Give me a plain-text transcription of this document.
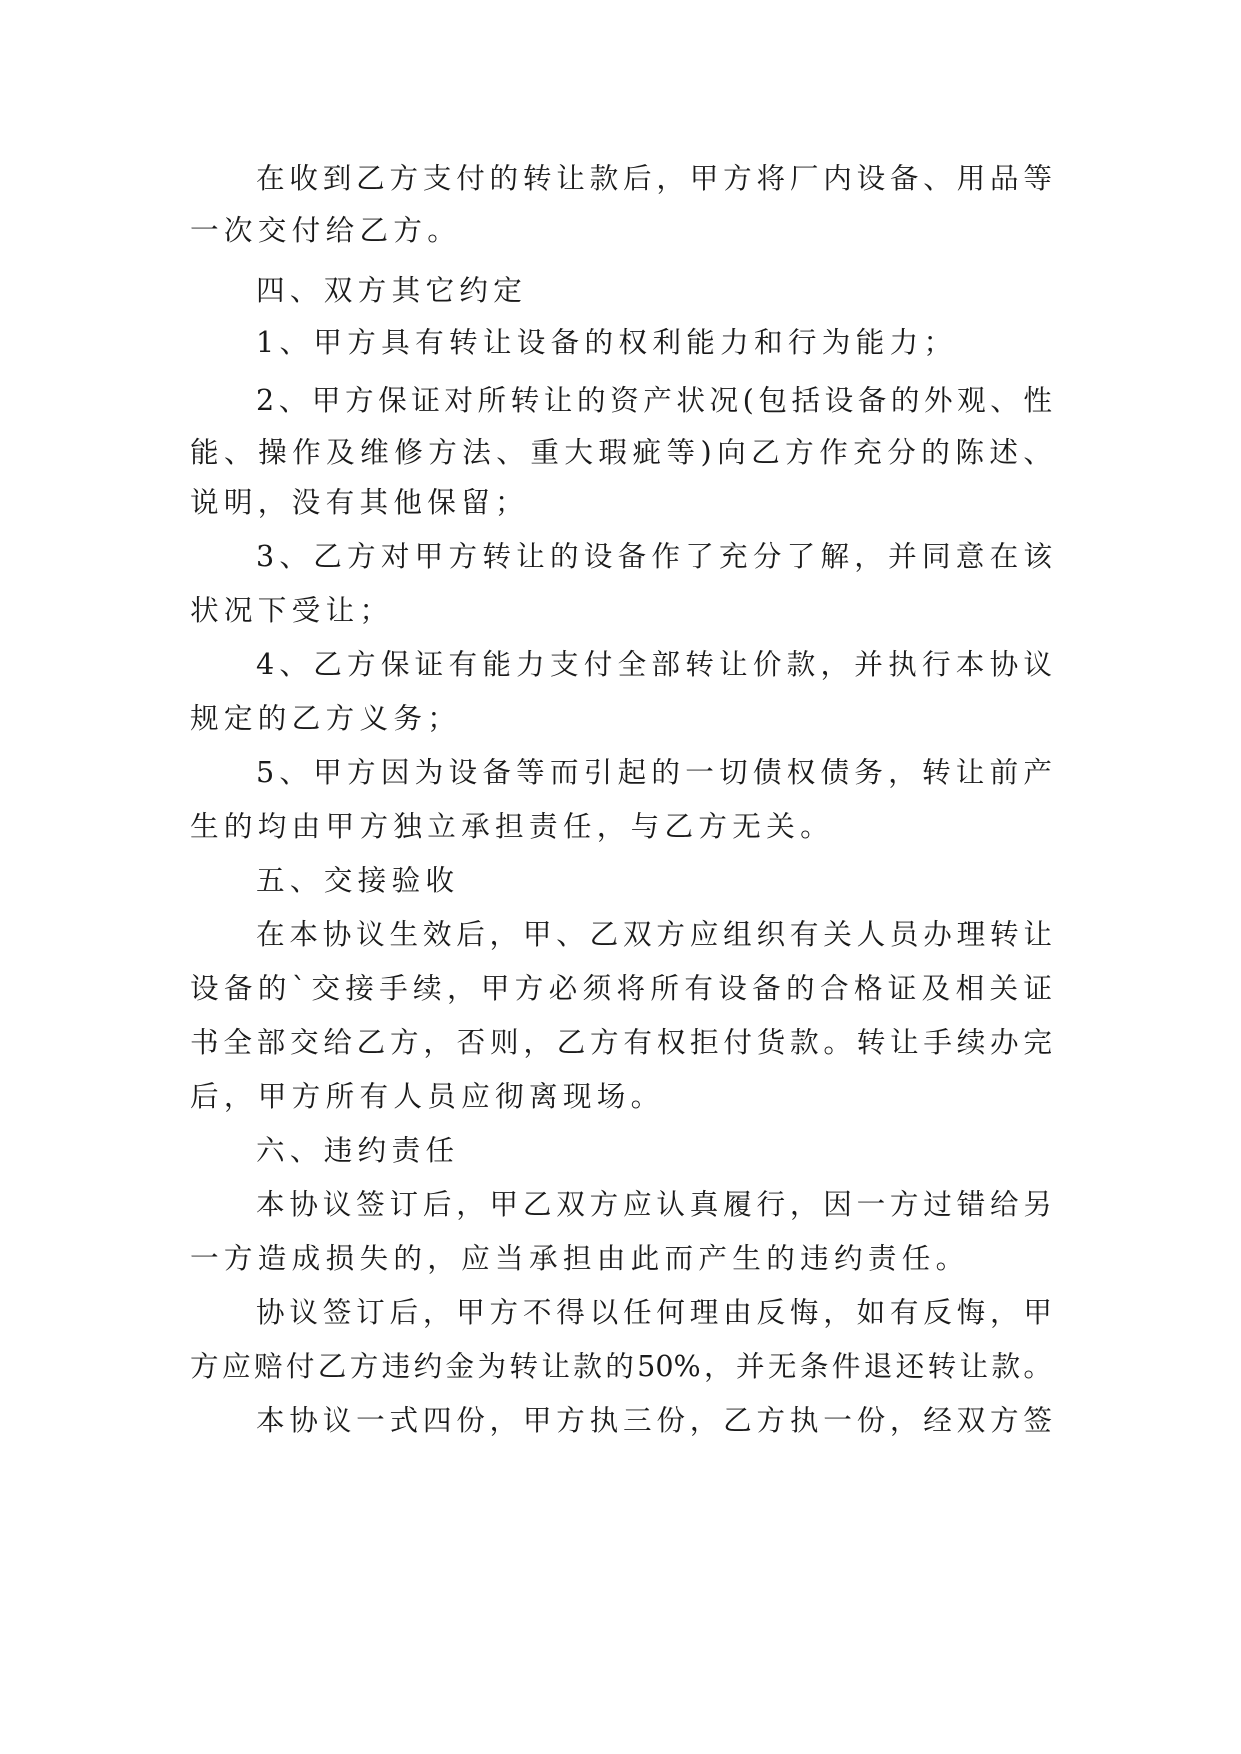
在收到乙方支付的转让款后，甲方将厂内设备、用品等
一次交付给乙方。
四、双方其它约定
1、甲方具有转让设备的权利能力和行为能力；
2、甲方保证对所转让的资产状况(包括设备的外观、性
能、操作及维修方法、重大瑕疵等)向乙方作充分的陈述、
说明，没有其他保留；
3、乙方对甲方转让的设备作了充分了解，并同意在该
状况下受让；
4、乙方保证有能力支付全部转让价款，并执行本协议
规定的乙方义务；
5、甲方因为设备等而引起的一切债权债务，转让前产
生的均由甲方独立承担责任，与乙方无关。
五、交接验收
在本协议生效后，甲、乙双方应组织有关人员办理转让
设备的`交接手续，甲方必须将所有设备的合格证及相关证
书全部交给乙方，否则，乙方有权拒付货款。转让手续办完
后，甲方所有人员应彻离现场。
六、违约责任
本协议签订后，甲乙双方应认真履行，因一方过错给另
一方造成损失的，应当承担由此而产生的违约责任。
协议签订后，甲方不得以任何理由反悔，如有反悔，甲
方应赔付乙方违约金为转让款的50%，并无条件退还转让款。
本协议一式四份，甲方执三份，乙方执一份，经双方签
